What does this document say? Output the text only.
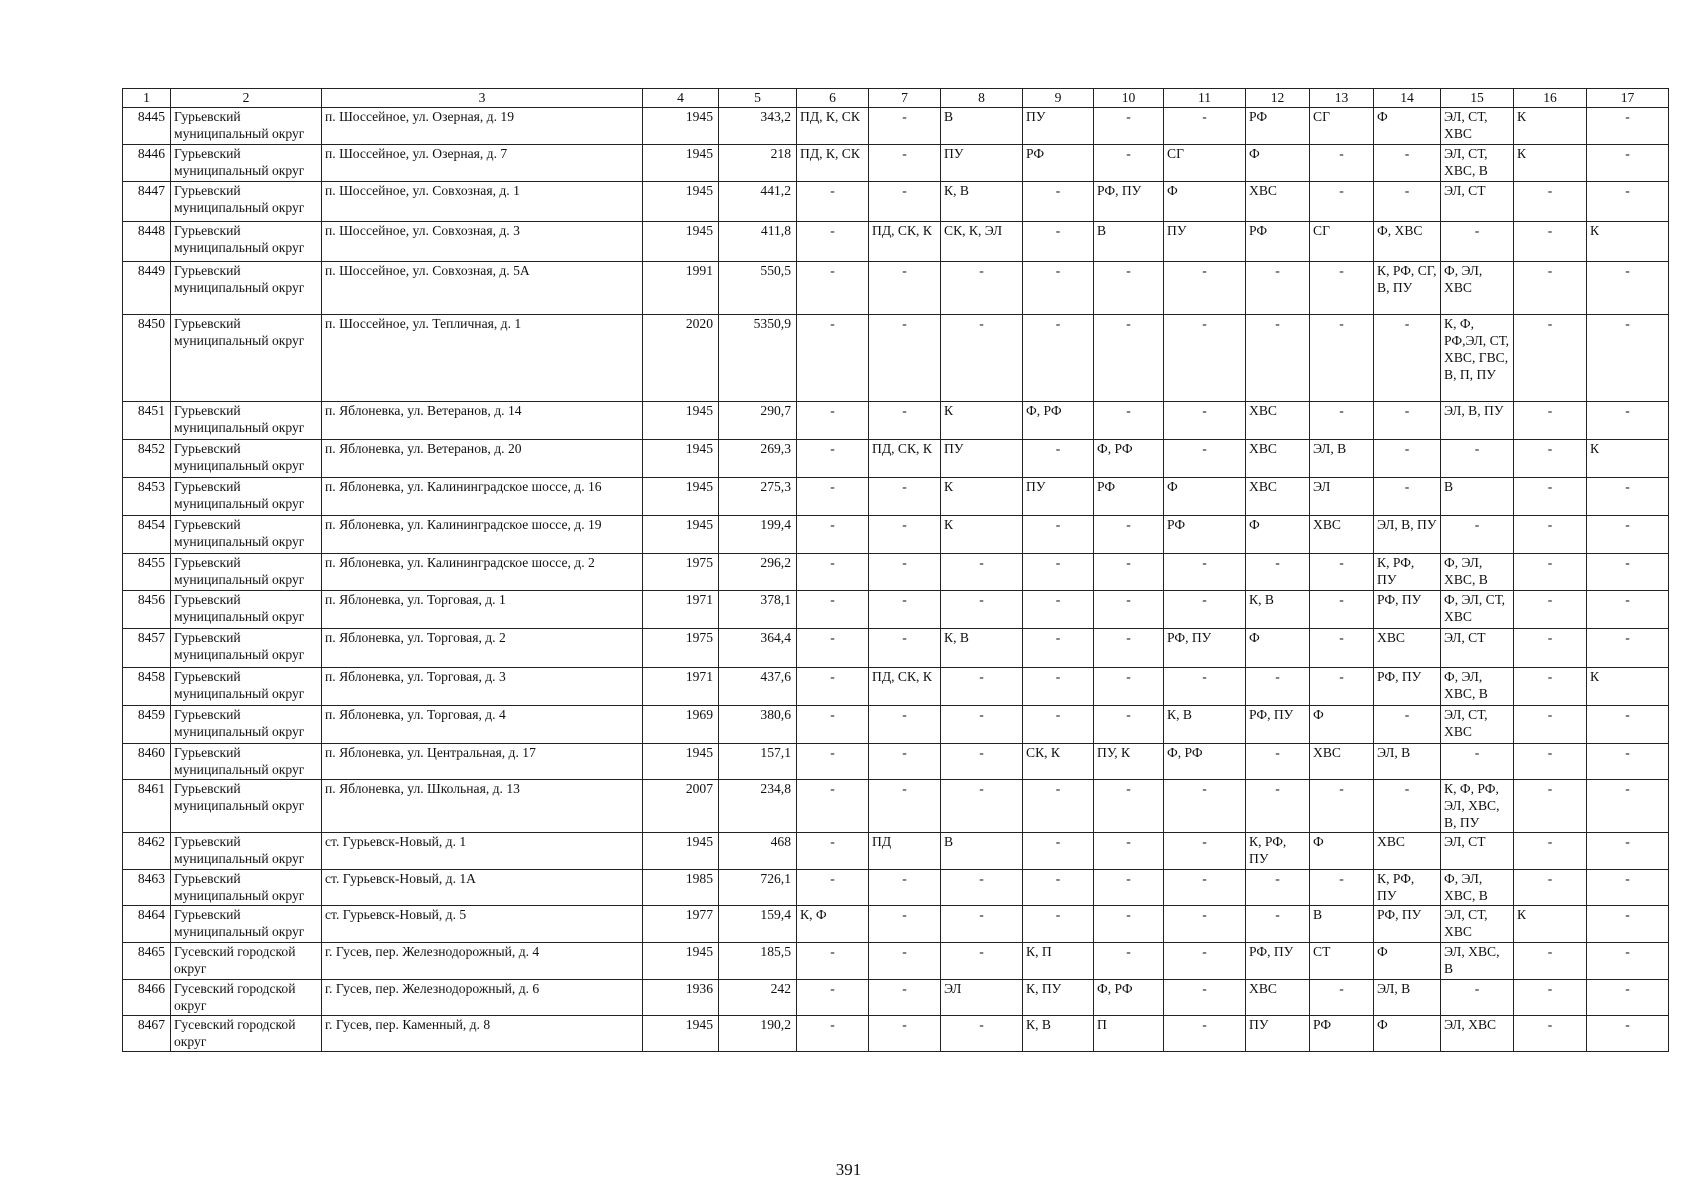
1	2	3	4	5	6	7	8	9	10	11	12	13	14	15	16	17
8445	Гурьевский муниципальный округ	п. Шоссейное, ул. Озерная, д. 19	1945	343,2	ПД, К, СК	-	В	ПУ	-	-	РФ	СГ	Ф	ЭЛ, СТ, ХВС	К	-
8446	Гурьевский муниципальный округ	п. Шоссейное, ул. Озерная, д. 7	1945	218	ПД, К, СК	-	ПУ	РФ	-	СГ	Ф	-	-	ЭЛ, СТ, ХВС, В	К	-
8447	Гурьевский муниципальный округ	п. Шоссейное, ул. Совхозная, д. 1	1945	441,2	-	-	К, В	-	РФ, ПУ	Ф	ХВС	-	-	ЭЛ, СТ	-	-
8448	Гурьевский муниципальный округ	п. Шоссейное, ул. Совхозная, д. 3	1945	411,8	-	ПД, СК, К	СК, К, ЭЛ	-	В	ПУ	РФ	СГ	Ф, ХВС	-	-	К
8449	Гурьевский муниципальный округ	п. Шоссейное, ул. Совхозная, д. 5А	1991	550,5	-	-	-	-	-	-	-	-	К, РФ, СГ, В, ПУ	Ф, ЭЛ, ХВС	-	-
8450	Гурьевский муниципальный округ	п. Шоссейное, ул. Тепличная, д. 1	2020	5350,9	-	-	-	-	-	-	-	-	-	К, Ф, РФ,ЭЛ, СТ, ХВС, ГВС, В, П, ПУ	-	-
8451	Гурьевский муниципальный округ	п. Яблоневка, ул. Ветеранов, д. 14	1945	290,7	-	-	К	Ф, РФ	-	-	ХВС	-	-	ЭЛ, В, ПУ	-	-
8452	Гурьевский муниципальный округ	п. Яблоневка, ул. Ветеранов, д. 20	1945	269,3	-	ПД, СК, К	ПУ	-	Ф, РФ	-	ХВС	ЭЛ, В	-	-	-	К
8453	Гурьевский муниципальный округ	п. Яблоневка, ул. Калининградское шоссе, д. 16	1945	275,3	-	-	К	ПУ	РФ	Ф	ХВС	ЭЛ	-	В	-	-
8454	Гурьевский муниципальный округ	п. Яблоневка, ул. Калининградское шоссе, д. 19	1945	199,4	-	-	К	-	-	РФ	Ф	ХВС	ЭЛ, В, ПУ	-	-	-
8455	Гурьевский муниципальный округ	п. Яблоневка, ул. Калининградское шоссе, д. 2	1975	296,2	-	-	-	-	-	-	-	-	К, РФ, ПУ	Ф, ЭЛ, ХВС, В	-	-
8456	Гурьевский муниципальный округ	п. Яблоневка, ул. Торговая, д. 1	1971	378,1	-	-	-	-	-	-	К, В	-	РФ, ПУ	Ф, ЭЛ, СТ, ХВС	-	-
8457	Гурьевский муниципальный округ	п. Яблоневка, ул. Торговая, д. 2	1975	364,4	-	-	К, В	-	-	РФ, ПУ	Ф	-	ХВС	ЭЛ, СТ	-	-
8458	Гурьевский муниципальный округ	п. Яблоневка, ул. Торговая, д. 3	1971	437,6	-	ПД, СК, К	-	-	-	-	-	-	РФ, ПУ	Ф, ЭЛ, ХВС, В	-	К
8459	Гурьевский муниципальный округ	п. Яблоневка, ул. Торговая, д. 4	1969	380,6	-	-	-	-	-	К, В	РФ, ПУ	Ф	-	ЭЛ, СТ, ХВС	-	-
8460	Гурьевский муниципальный округ	п. Яблоневка, ул. Центральная, д. 17	1945	157,1	-	-	-	СК, К	ПУ, К	Ф, РФ	-	ХВС	ЭЛ, В	-	-	-
8461	Гурьевский муниципальный округ	п. Яблоневка, ул. Школьная, д. 13	2007	234,8	-	-	-	-	-	-	-	-	-	К, Ф, РФ, ЭЛ, ХВС, В, ПУ	-	-
8462	Гурьевский муниципальный округ	ст. Гурьевск-Новый, д. 1	1945	468	-	ПД	В	-	-	-	К, РФ, ПУ	Ф	ХВС	ЭЛ, СТ	-	-
8463	Гурьевский муниципальный округ	ст. Гурьевск-Новый, д. 1А	1985	726,1	-	-	-	-	-	-	-	-	К, РФ, ПУ	Ф, ЭЛ, ХВС, В	-	-
8464	Гурьевский муниципальный округ	ст. Гурьевск-Новый, д. 5	1977	159,4	К, Ф	-	-	-	-	-	-	В	РФ, ПУ	ЭЛ, СТ, ХВС	К	-
8465	Гусевский городской округ	г. Гусев, пер. Железнодорожный, д. 4	1945	185,5	-	-	-	К, П	-	-	РФ, ПУ	СТ	Ф	ЭЛ, ХВС, В	-	-
8466	Гусевский городской округ	г. Гусев, пер. Железнодорожный, д. 6	1936	242	-	-	ЭЛ	К, ПУ	Ф, РФ	-	ХВС	-	ЭЛ, В	-	-	-
8467	Гусевский городской округ	г. Гусев, пер. Каменный, д. 8	1945	190,2	-	-	-	К, В	П	-	ПУ	РФ	Ф	ЭЛ, ХВС	-	-
391
